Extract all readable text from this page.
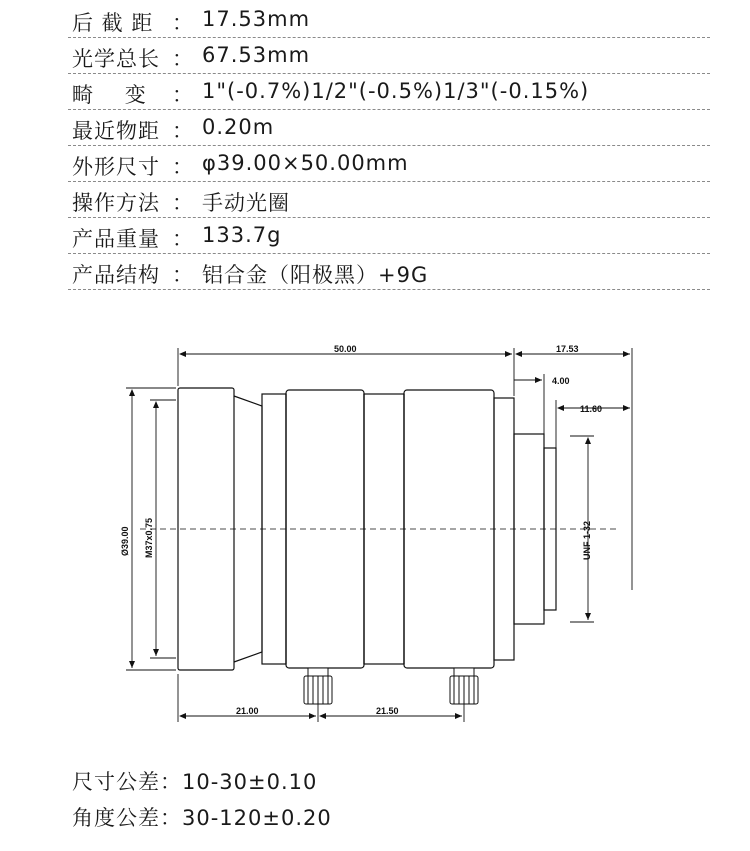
后 截 距 ： 17.53mm
光学总长 ： 67.53mm
畸    变 ： 1"(-0.7%)1/2"(-0.5%)1/3"(-0.15%)
最近物距 ： 0.20m
外形尺寸 ： φ39.00×50.00mm
操作方法 ： 手动光圈
产品重量 ： 133.7g
产品结构 ： 铝合金（阳极黑）+9G
50.00	17.53
4.00
11.60
Ø39.00 M37x0.75	UNF 1-32
21.00	21.50
尺寸公差：10-30±0.10
角度公差：30-120±0.20
